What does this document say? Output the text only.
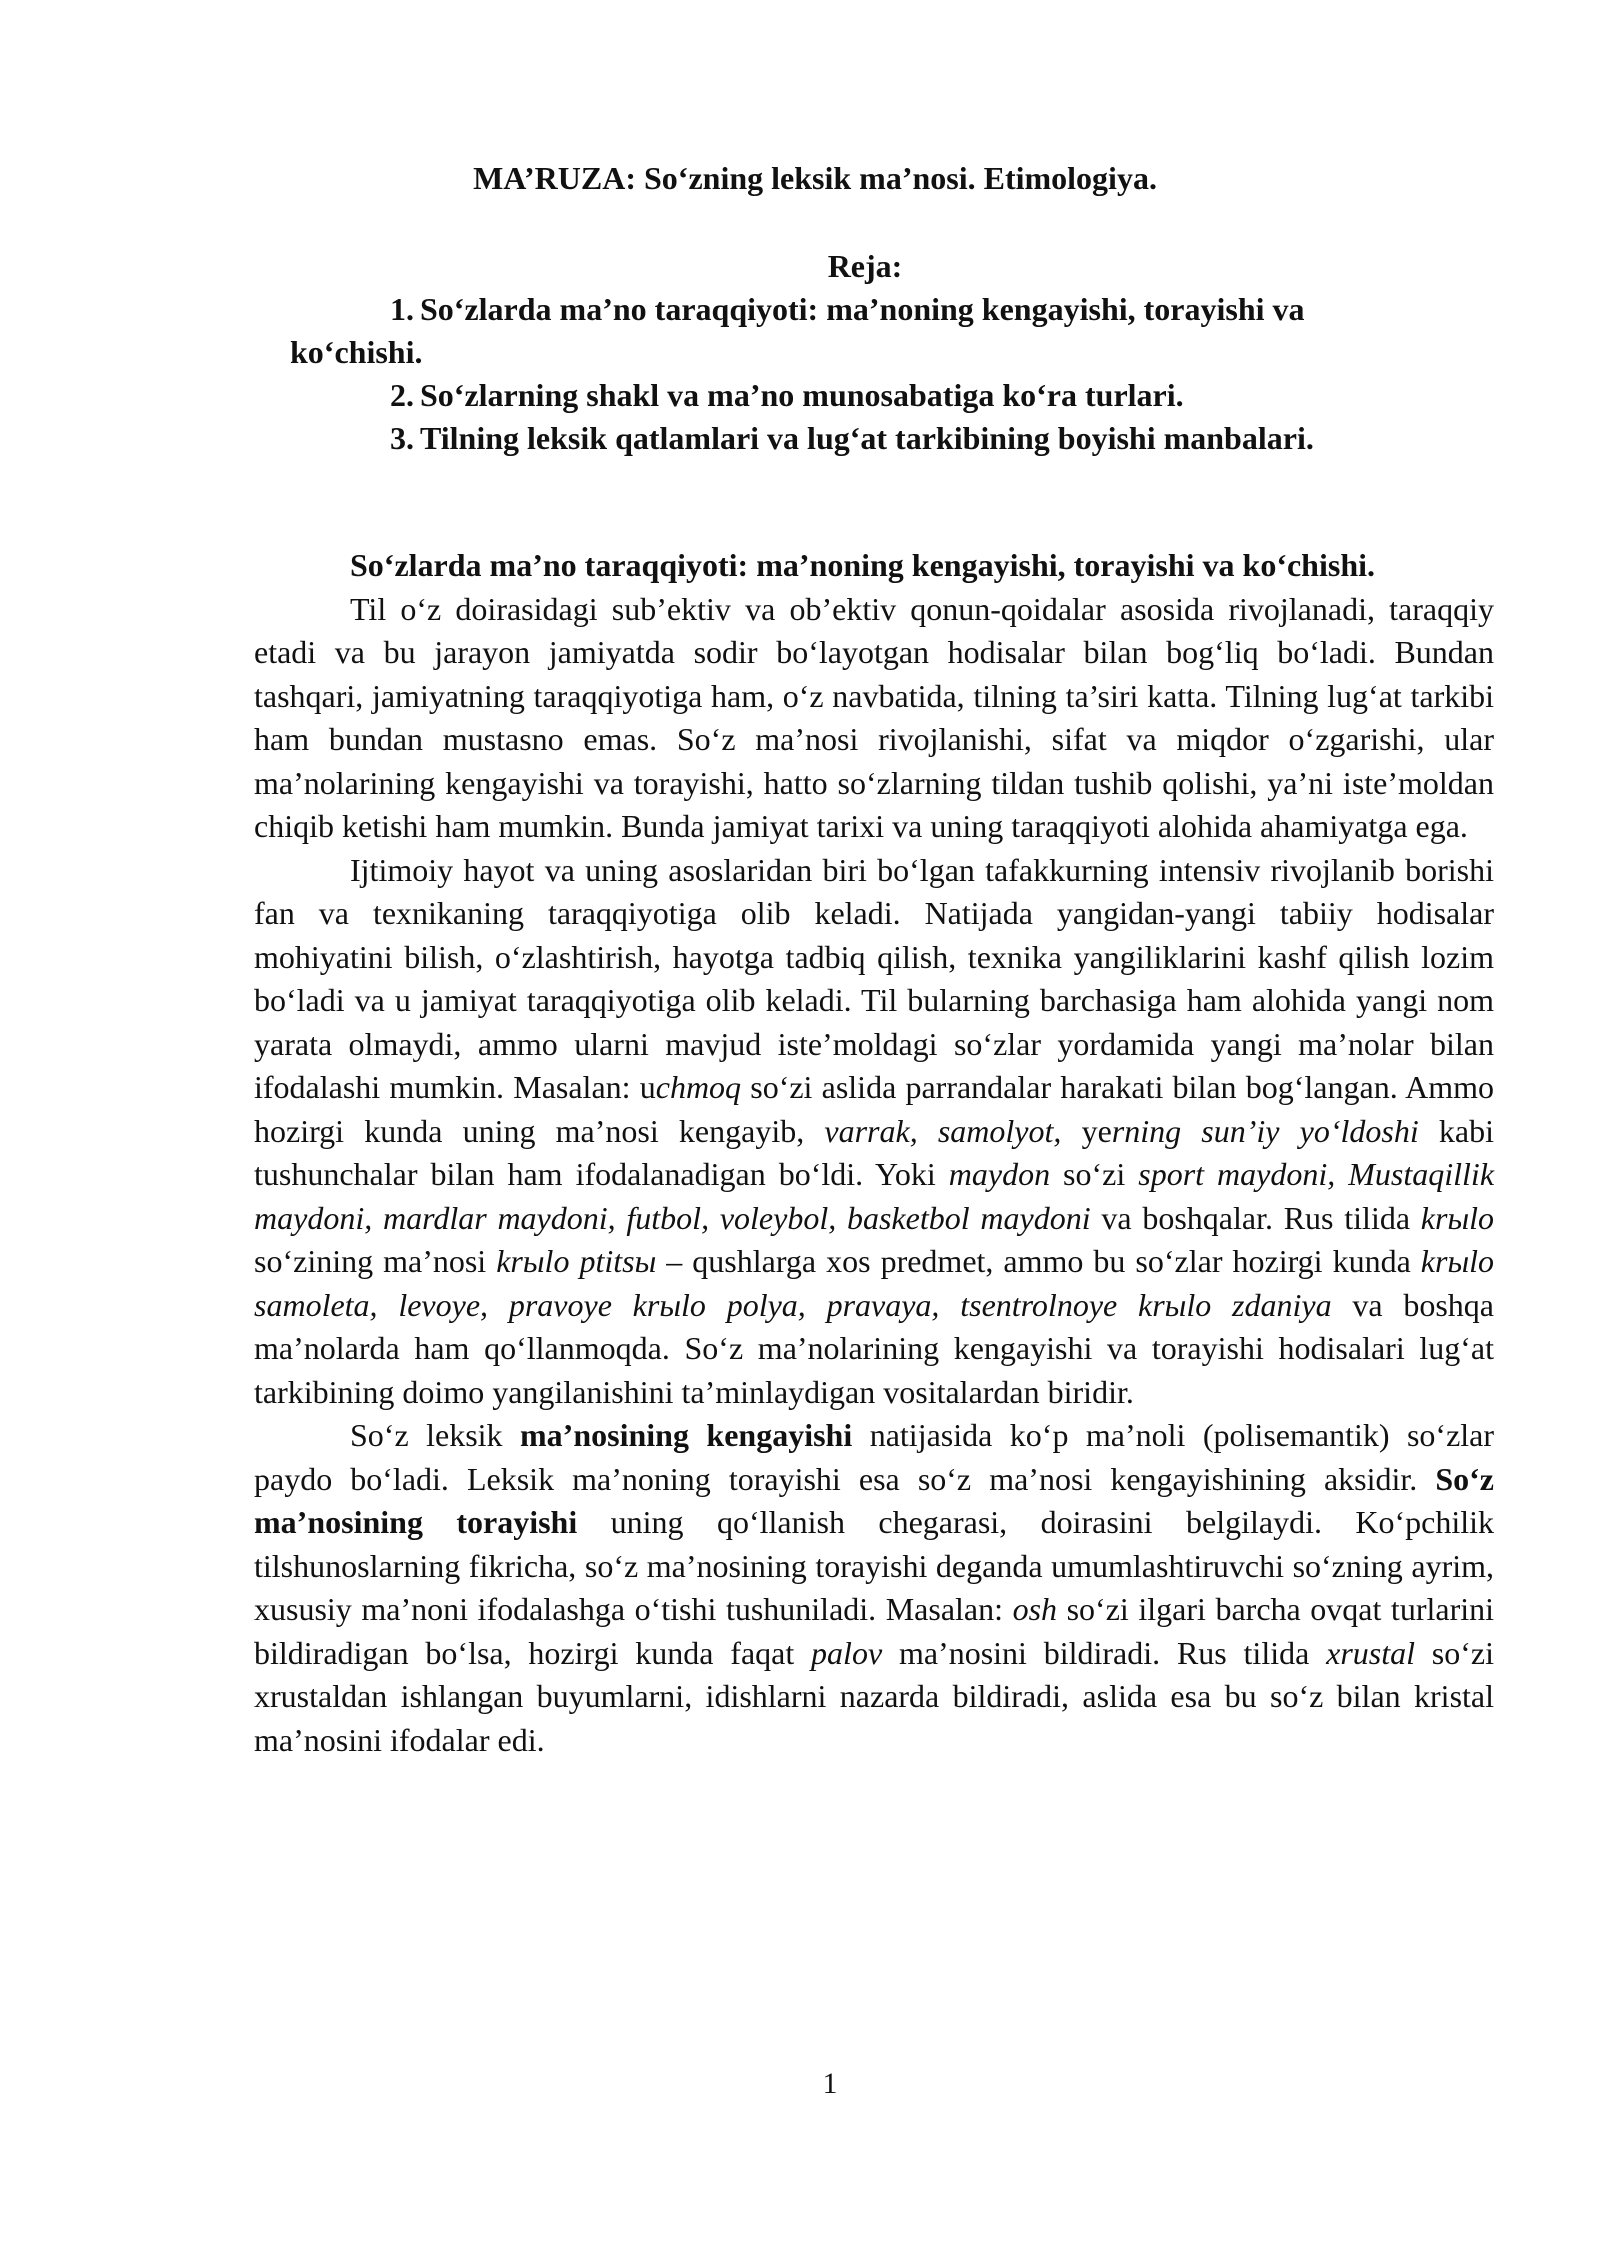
MA’RUZA: So‘zning leksik ma’nosi. Etimologiya.
Reja:
1. So‘zlarda ma’no taraqqiyoti: ma’noning kengayishi, torayishi va
ko‘chishi.
2. So‘zlarning shakl va ma’no munosabatiga ko‘ra turlari.
3. Tilning leksik qatlamlari va lug‘at tarkibining boyishi manbalari.

So‘zlarda ma’no taraqqiyoti: ma’noning kengayishi, torayishi va ko‘chishi.

Til o‘z doirasidagi sub’ektiv va ob’ektiv qonun-qoidalar asosida rivojlanadi, taraqqiy etadi va bu jarayon jamiyatda sodir bo‘layotgan hodisalar bilan bog‘liq bo‘ladi. Bundan tashqari, jamiyatning taraqqiyotiga ham, o‘z navbatida, tilning ta’siri katta. Tilning lug‘at tarkibi ham bundan mustasno emas. So‘z ma’nosi rivojlanishi, sifat va miqdor o‘zgarishi, ular ma’nolarining kengayishi va torayishi, hatto so‘zlarning tildan tushib qolishi, ya’ni iste’moldan chiqib ketishi ham mumkin. Bunda jamiyat tarixi va uning taraqqiyoti alohida ahamiyatga ega.

Ijtimoiy hayot va uning asoslaridan biri bo‘lgan tafakkurning intensiv rivojlanib borishi fan va texnikaning taraqqiyotiga olib keladi. Natijada yangidan-yangi tabiiy hodisalar mohiyatini bilish, o‘zlashtirish, hayotga tadbiq qilish, texnika yangiliklarini kashf qilish lozim bo‘ladi va u jamiyat taraqqiyotiga olib keladi. Til bularning barchasiga ham alohida yangi nom yarata olmaydi, ammo ularni mavjud iste’moldagi so‘zlar yordamida yangi ma’nolar bilan ifodalashi mumkin. Masalan: uchmoq so‘zi aslida parrandalar harakati bilan bog‘langan. Ammo hozirgi kunda uning ma’nosi kengayib, varrak, samolyot, yerning sun’iy yo‘ldoshi kabi tushunchalar bilan ham ifodalanadigan bo‘ldi. Yoki maydon so‘zi sport maydoni, Mustaqillik maydoni, mardlar maydoni, futbol, voleybol, basketbol maydoni va boshqalar. Rus tilida krыlo so‘zining ma’nosi krыlo ptitsы – qushlarga xos predmet, ammo bu so‘zlar hozirgi kunda krыlo samoleta, levoye, pravoye krыlo polya, pravaya, tsentrolnoye krыlo zdaniya va boshqa ma’nolarda ham qo‘llanmoqda. So‘z ma’nolarining kengayishi va torayishi hodisalari lug‘at tarkibining doimo yangilanishini ta’minlaydigan vositalardan biridir.

So‘z leksik ma’nosining kengayishi natijasida ko‘p ma’noli (polisemantik) so‘zlar paydo bo‘ladi. Leksik ma’noning torayishi esa so‘z ma’nosi kengayishining aksidir. So‘z ma’nosining torayishi uning qo‘llanish chegarasi, doirasini belgilaydi. Ko‘pchilik tilshunoslarning fikricha, so‘z ma’nosining torayishi deganda umumlashtiruvchi so‘zning ayrim, xususiy ma’noni ifodalashga o‘tishi tushuniladi. Masalan: osh so‘zi ilgari barcha ovqat turlarini bildiradigan bo‘lsa, hozirgi kunda faqat palov ma’nosini bildiradi. Rus tilida xrustal so‘zi xrustaldan ishlangan buyumlarni, idishlarni nazarda bildiradi, aslida esa bu so‘z bilan kristal ma’nosini ifodalar edi.

1
